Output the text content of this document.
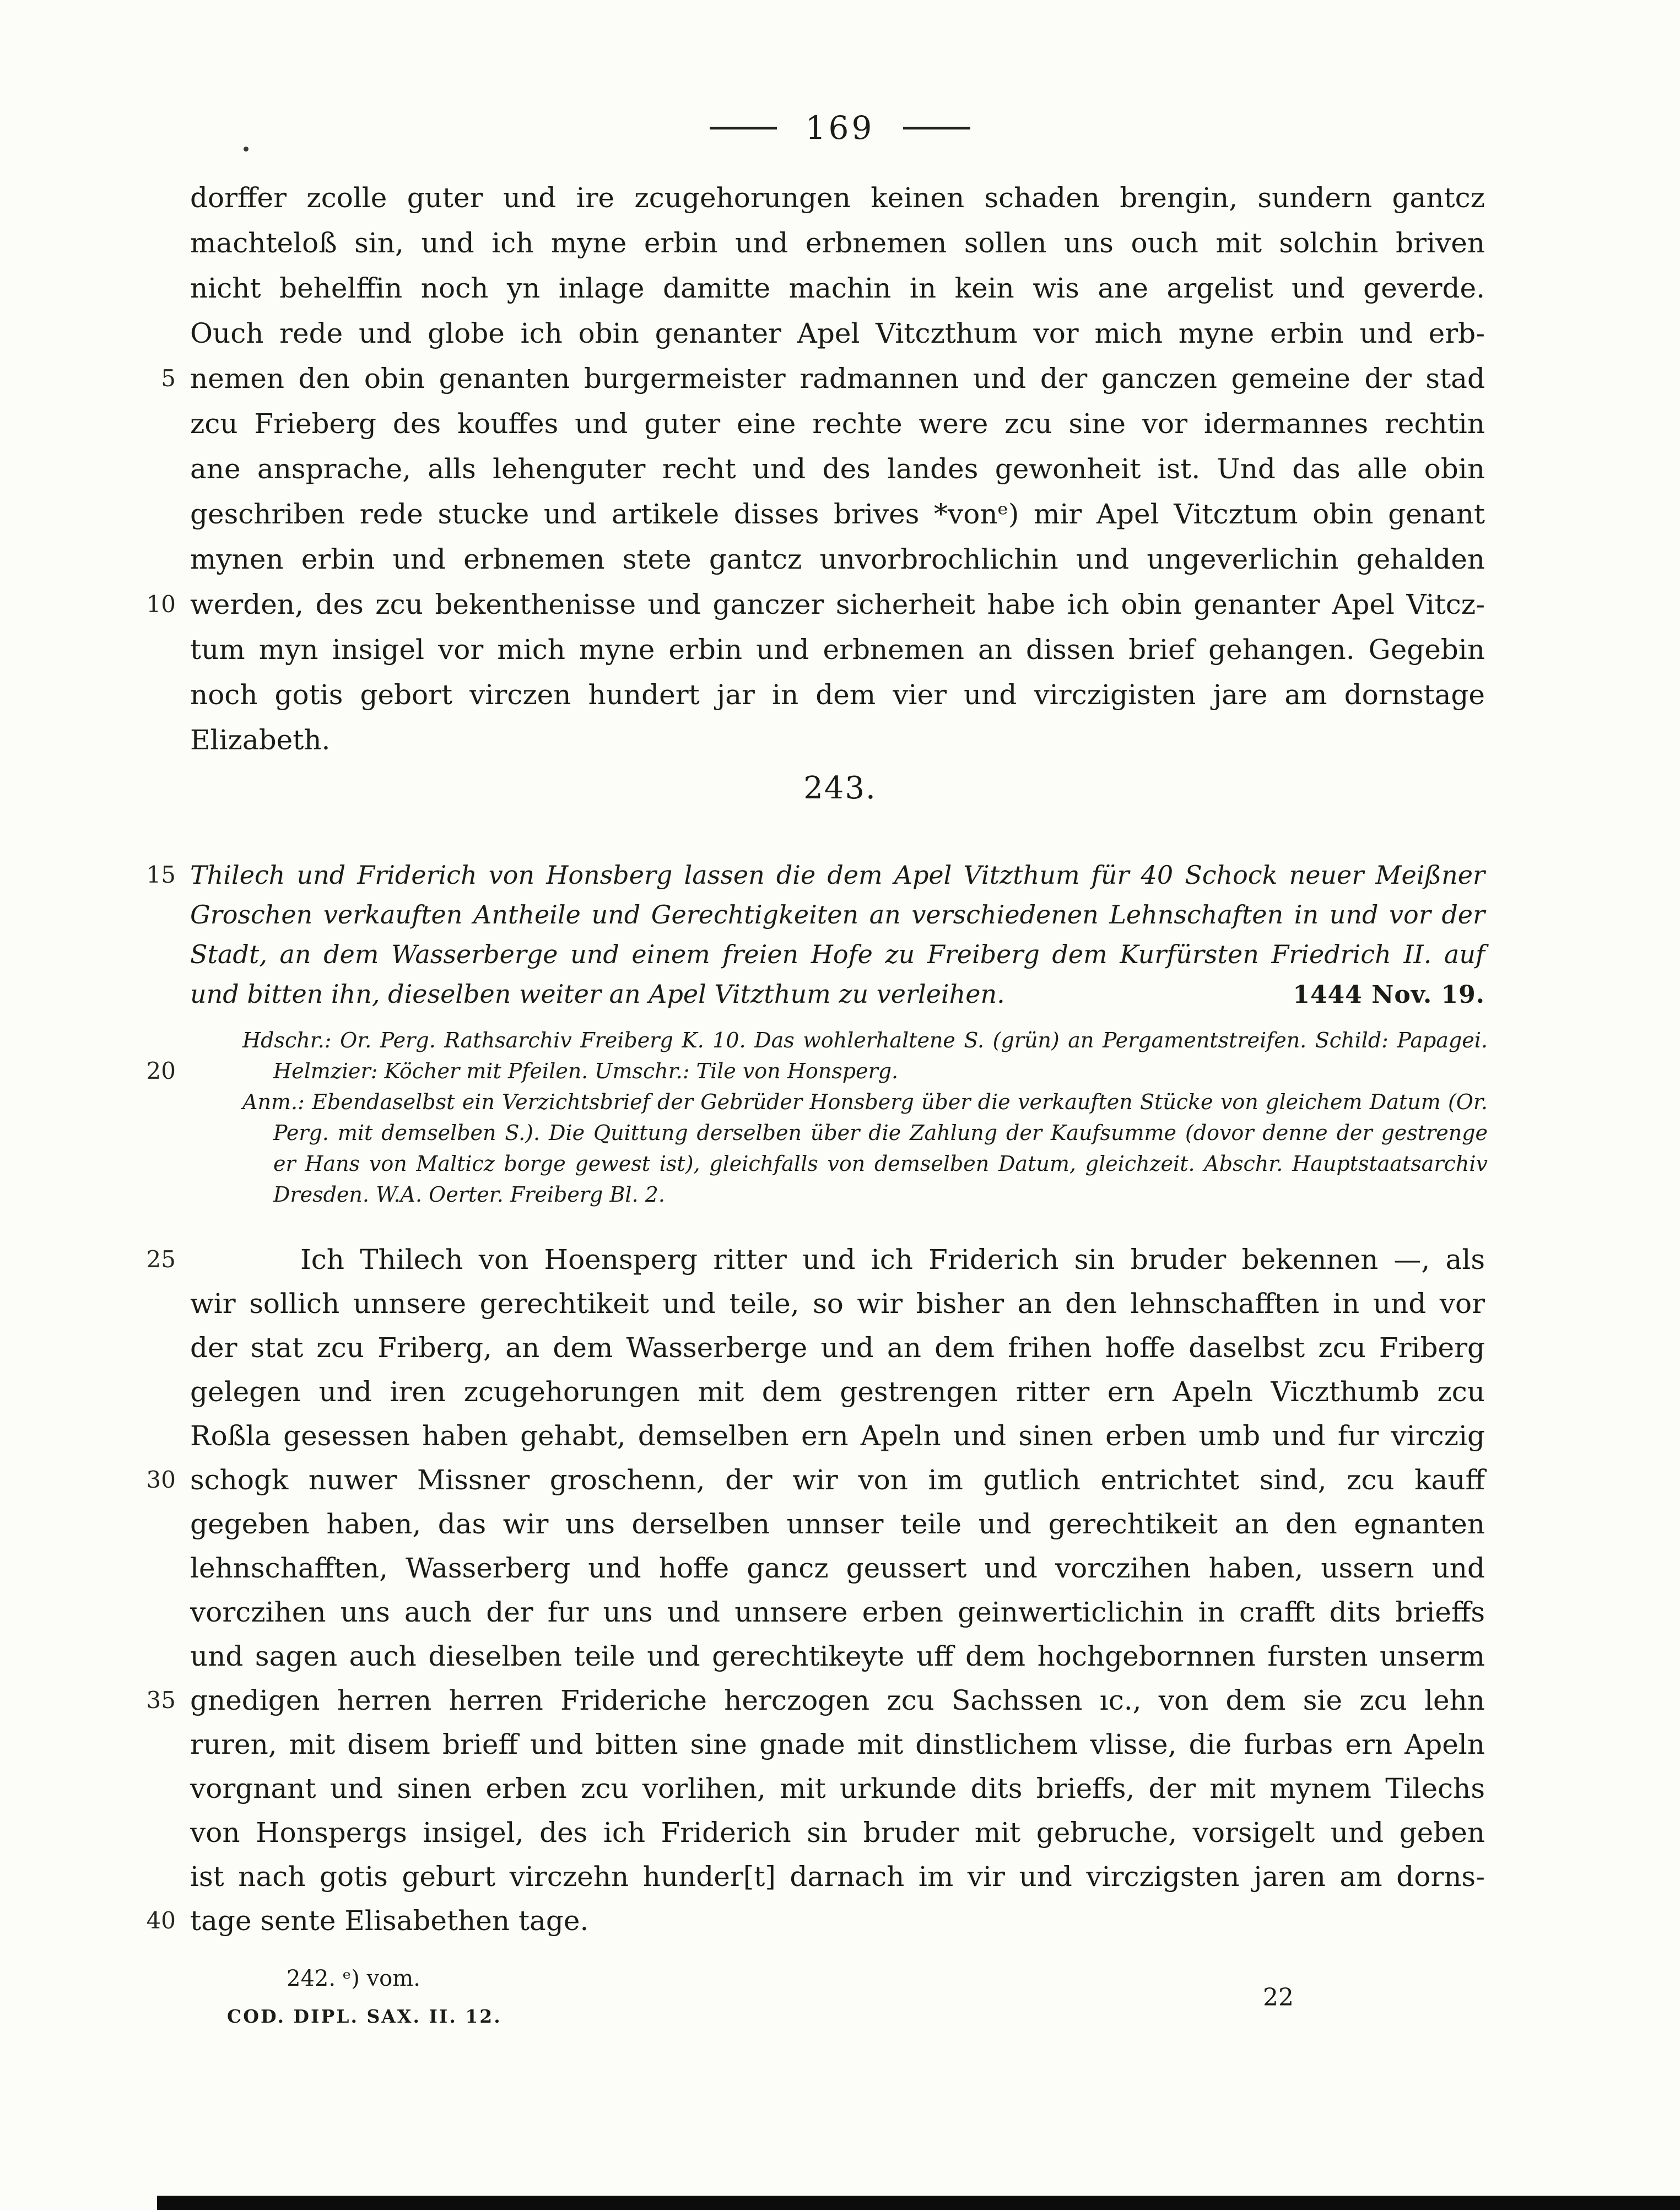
169
dorffer zcolle guter und ire zcugehorungen keinen schaden brengin, sundern gantcz
machteloß sin, und ich myne erbin und erbnemen sollen uns ouch mit solchin briven
nicht behelffin noch yn inlage damitte machin in kein wis ane argelist und geverde.
Ouch rede und globe ich obin genanter Apel Vitczthum vor mich myne erbin und erb-
5 nemen den obin genanten burgermeister radmannen und der ganczen gemeine der stad
zcu Frieberg des kouffes und guter eine rechte were zcu sine vor idermannes rechtin
ane ansprache, alls lehenguter recht und des landes gewonheit ist. Und das alle obin
geschriben rede stucke und artikele disses brives *vonᵉ) mir Apel Vitcztum obin genant
mynen erbin und erbnemen stete gantcz unvorbrochlichin und ungeverlichin gehalden
10 werden, des zcu bekenthenisse und ganczer sicherheit habe ich obin genanter Apel Vitcz-
tum myn insigel vor mich myne erbin und erbnemen an dissen brief gehangen. Gegebin
noch gotis gebort virczen hundert jar in dem vier und virczigisten jare am dornstage
Elizabeth.
243.
15 Thilech und Friderich von Honsberg lassen die dem Apel Vitzthum für 40 Schock neuer Meißner
Groschen verkauften Antheile und Gerechtigkeiten an verschiedenen Lehnschaften in und vor der
Stadt, an dem Wasserberge und einem freien Hofe zu Freiberg dem Kurfürsten Friedrich II. auf
und bitten ihn, dieselben weiter an Apel Vitzthum zu verleihen.	1444 Nov. 19.
Hdschr.: Or. Perg. Rathsarchiv Freiberg K. 10. Das wohlerhaltene S. (grün) an Pergamentstreifen. Schild: Papagei.
20	Helmzier: Köcher mit Pfeilen. Umschr.: Tile von Honsperg.
Anm.: Ebendaselbst ein Verzichtsbrief der Gebrüder Honsberg über die verkauften Stücke von gleichem Datum (Or.
Perg. mit demselben S.). Die Quittung derselben über die Zahlung der Kaufsumme (dovor denne der gestrenge
er Hans von Malticz borge gewest ist), gleichfalls von demselben Datum, gleichzeit. Abschr. Hauptstaatsarchiv
Dresden. W.A. Oerter. Freiberg Bl. 2.
25	Ich Thilech von Hoensperg ritter und ich Friderich sin bruder bekennen —, als
wir sollich unnsere gerechtikeit und teile, so wir bisher an den lehnschafften in und vor
der stat zcu Friberg, an dem Wasserberge und an dem frihen hoffe daselbst zcu Friberg
gelegen und iren zcugehorungen mit dem gestrengen ritter ern Apeln Viczthumb zcu
Roßla gesessen haben gehabt, demselben ern Apeln und sinen erben umb und fur virczig
30 schogk nuwer Missner groschenn, der wir von im gutlich entrichtet sind, zcu kauff
gegeben haben, das wir uns derselben unnser teile und gerechtikeit an den egnanten
lehnschafften, Wasserberg und hoffe gancz geussert und vorczihen haben, ussern und
vorczihen uns auch der fur uns und unnsere erben geinwerticlichin in crafft dits brieffs
und sagen auch dieselben teile und gerechtikeyte uff dem hochgebornnen fursten unserm
35 gnedigen herren herren Frideriche herczogen zcu Sachssen ıc., von dem sie zcu lehn
ruren, mit disem brieff und bitten sine gnade mit dinstlichem vlisse, die furbas ern Apeln
vorgnant und sinen erben zcu vorlihen, mit urkunde dits brieffs, der mit mynem Tilechs
von Honspergs insigel, des ich Friderich sin bruder mit gebruche, vorsigelt und geben
ist nach gotis geburt virczehn hunder[t] darnach im vir und virczigsten jaren am dorns-
40 tage sente Elisabethen tage.
242. ᵉ) vom.
COD. DIPL. SAX. II. 12.
22
